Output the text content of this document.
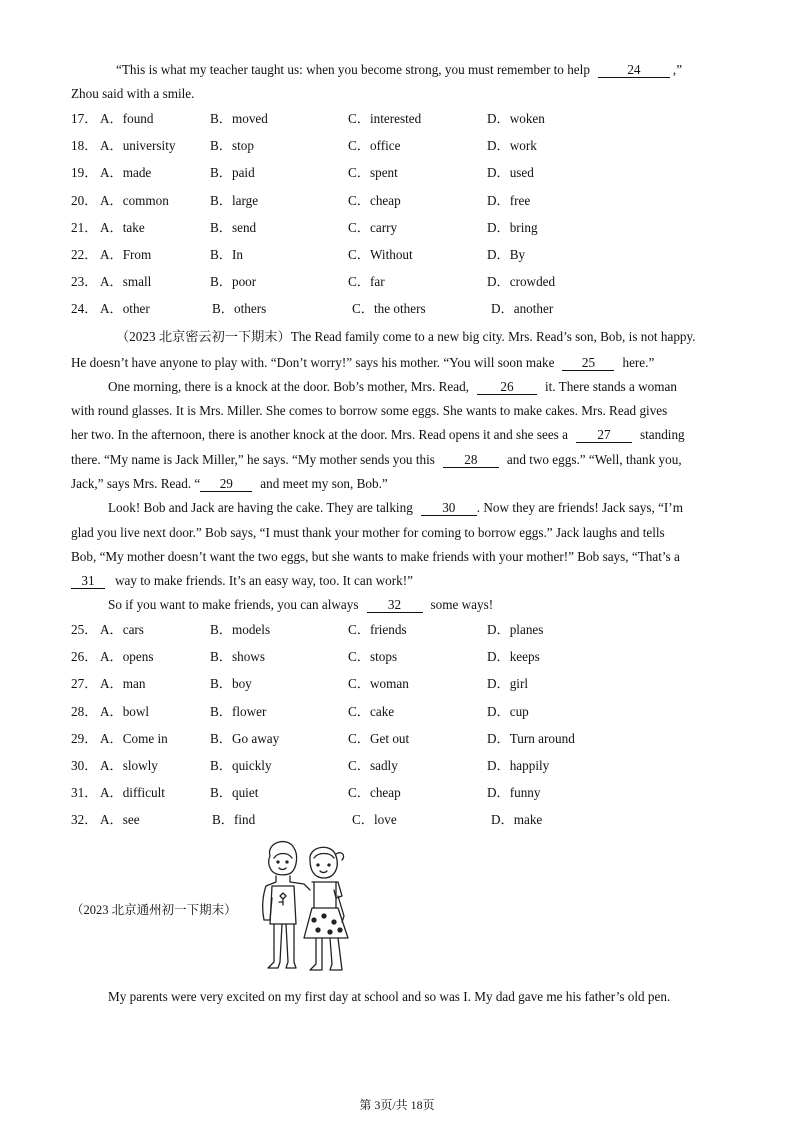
“This is what my teacher taught us: when you become strong, you must remember to help	24 ,”

Zhou said with a smile.

17． A．found	B．moved	C．interested	D．woken
18． A．university	B．stop	C．office	D．work
19． A．made	B．paid	C．spent	D．used
20． A．common	B．large	C．cheap	D．free
21． A．take	B．send	C．carry	D．bring
22． A．From	B．In	C．Without	D．By
23． A．small	B．poor	C．far	D．crowded
24． A．other	B．others	C．the others	D．another

（2023 北京密云初一下期末）The Read family come to a new big city. Mrs. Read’s son, Bob, is not happy.

He doesn’t have anyone to play with. “Don’t worry!” says his mother. “You will soon make 25 here.”

One morning, there is a knock at the door. Bob’s mother, Mrs. Read, 26 it. There stands a woman

with round glasses. It is Mrs. Miller. She comes to borrow some eggs. She wants to make cakes. Mrs. Read gives

her two. In the afternoon, there is another knock at the door. Mrs. Read opens it and she sees a 27 standing

there. “My name is Jack Miller,” he says. “My mother sends you this 28 and two eggs.” “Well, thank you,

Jack,” says Mrs. Read. “ 29 and meet my son, Bob.”

Look! Bob and Jack are having the cake. They are talking 30 . Now they are friends! Jack says, “I’m

glad you live next door.” Bob says, “I must thank your mother for coming to borrow eggs.” Jack laughs and tells

Bob, “My mother doesn’t want the two eggs, but she wants to make friends with your mother!” Bob says, “That’s a

31 way to make friends. It’s an easy way, too. It can work!”

So if you want to make friends, you can always 32 some ways!

25． A．cars	B．models	C．friends	D．planes
26． A．opens	B．shows	C．stops	D．keeps
27． A．man	B．boy	C．woman	D．girl
28． A．bowl	B．flower	C．cake	D．cup
29． A．Come in	B．Go away	C．Get out	D．Turn around
30． A．slowly	B．quickly	C．sadly	D．happily
31． A．difficult	B．quiet	C．cheap	D．funny
32． A．see	B．find	C．love	D．make

（2023 北京通州初一下期末）

My parents were very excited on my first day at school and so was I. My dad gave me his father’s old pen.

第 3页/共 18页
